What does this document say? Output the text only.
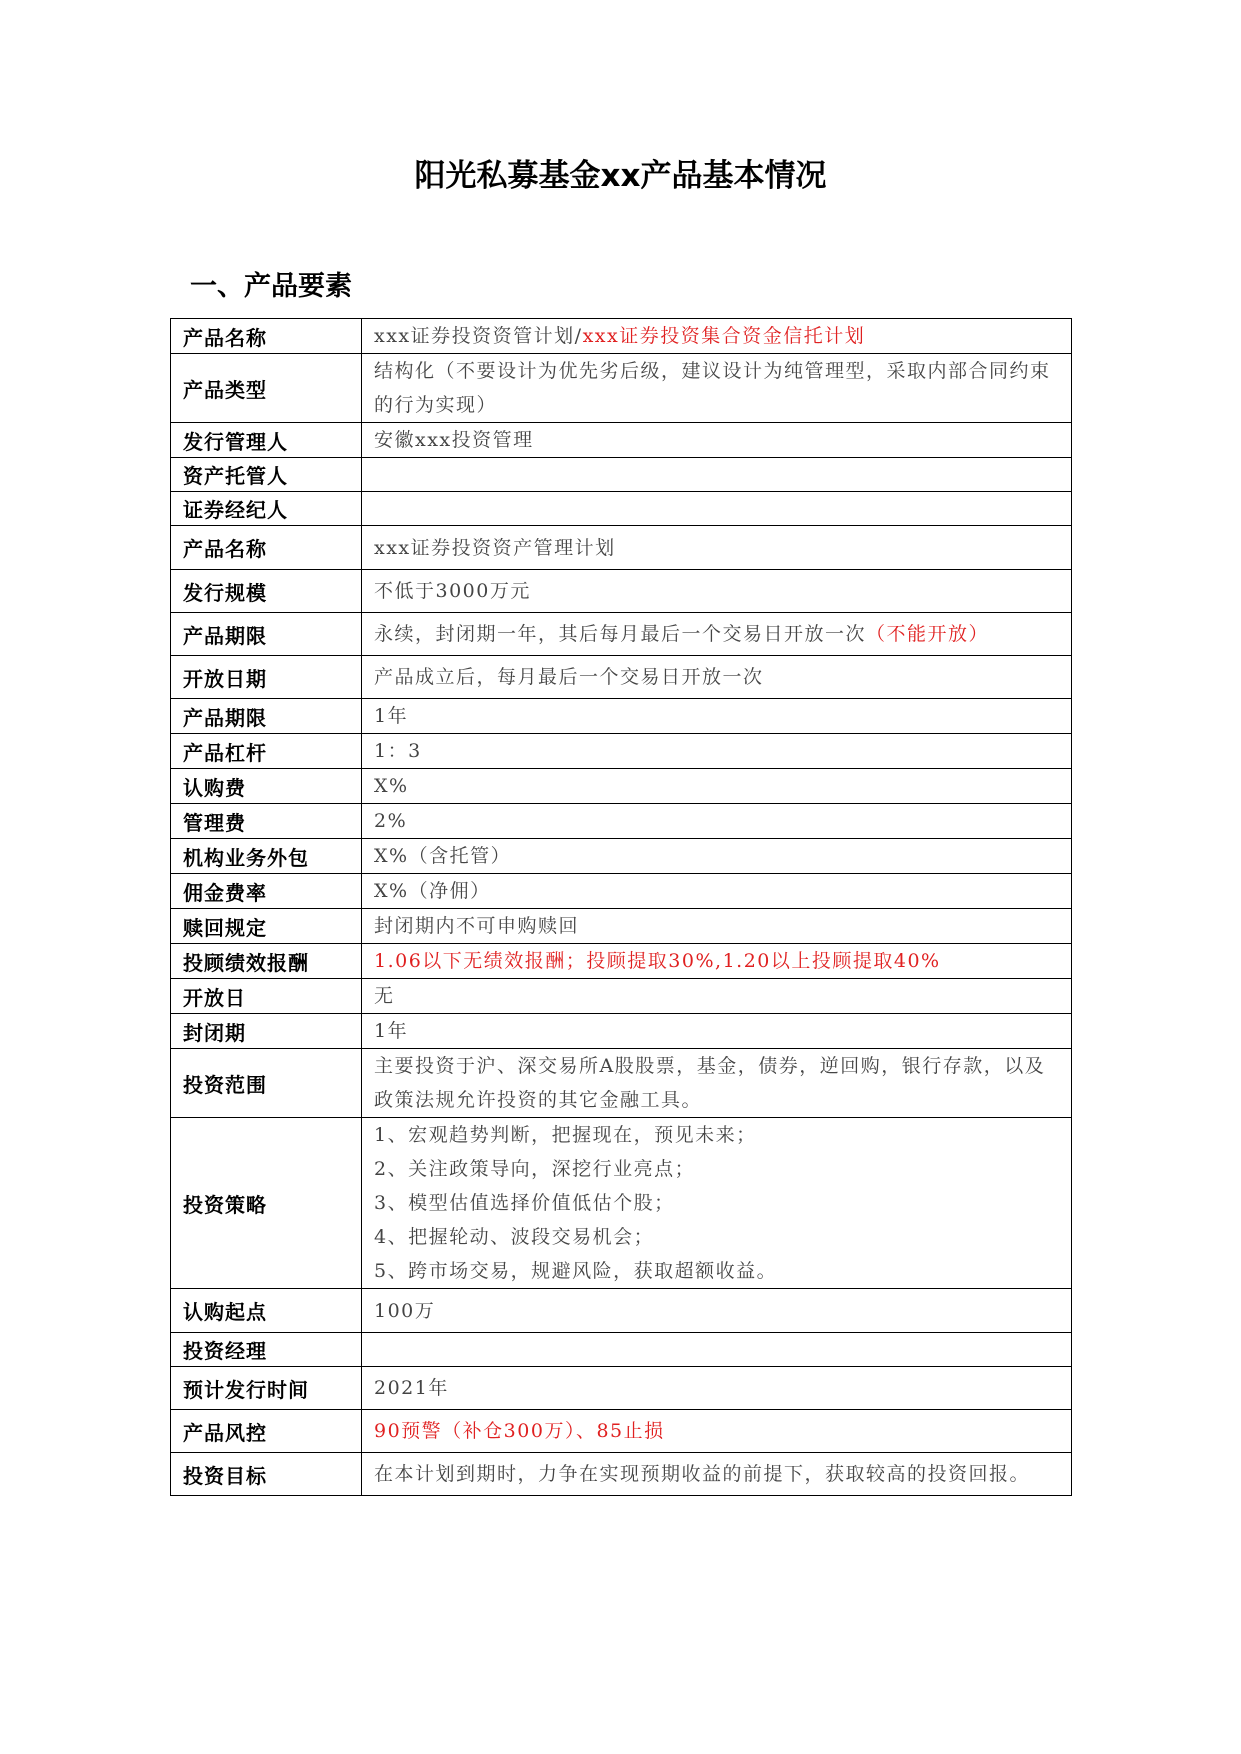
阳光私募基金xx产品基本情况
一、产品要素
产品名称	xxx证券投资资管计划/xxx证券投资集合资金信托计划
产品类型	结构化（不要设计为优先劣后级，建议设计为纯管理型，采取内部合同约束的行为实现）
发行管理人	安徽xxx投资管理
资产托管人	
证券经纪人	
产品名称	xxx证券投资资产管理计划
发行规模	不低于3000万元
产品期限	永续，封闭期一年，其后每月最后一个交易日开放一次（不能开放）
开放日期	产品成立后，每月最后一个交易日开放一次
产品期限	1年
产品杠杆	1：3
认购费	X%
管理费	2%
机构业务外包	X%（含托管）
佣金费率	X%（净佣）
赎回规定	封闭期内不可申购赎回
投顾绩效报酬	1.06以下无绩效报酬；投顾提取30%,1.20以上投顾提取40%
开放日	无
封闭期	1年
投资范围	主要投资于沪、深交易所A股股票，基金，债券，逆回购，银行存款，以及政策法规允许投资的其它金融工具。
投资策略	1、宏观趋势判断，把握现在，预见未来；
2、关注政策导向，深挖行业亮点；
3、模型估值选择价值低估个股；
4、把握轮动、波段交易机会；
5、跨市场交易，规避风险，获取超额收益。

认购起点	100万
投资经理	
预计发行时间	2021年
产品风控	90预警（补仓300万）、85止损
投资目标	在本计划到期时，力争在实现预期收益的前提下，获取较高的投资回报。
